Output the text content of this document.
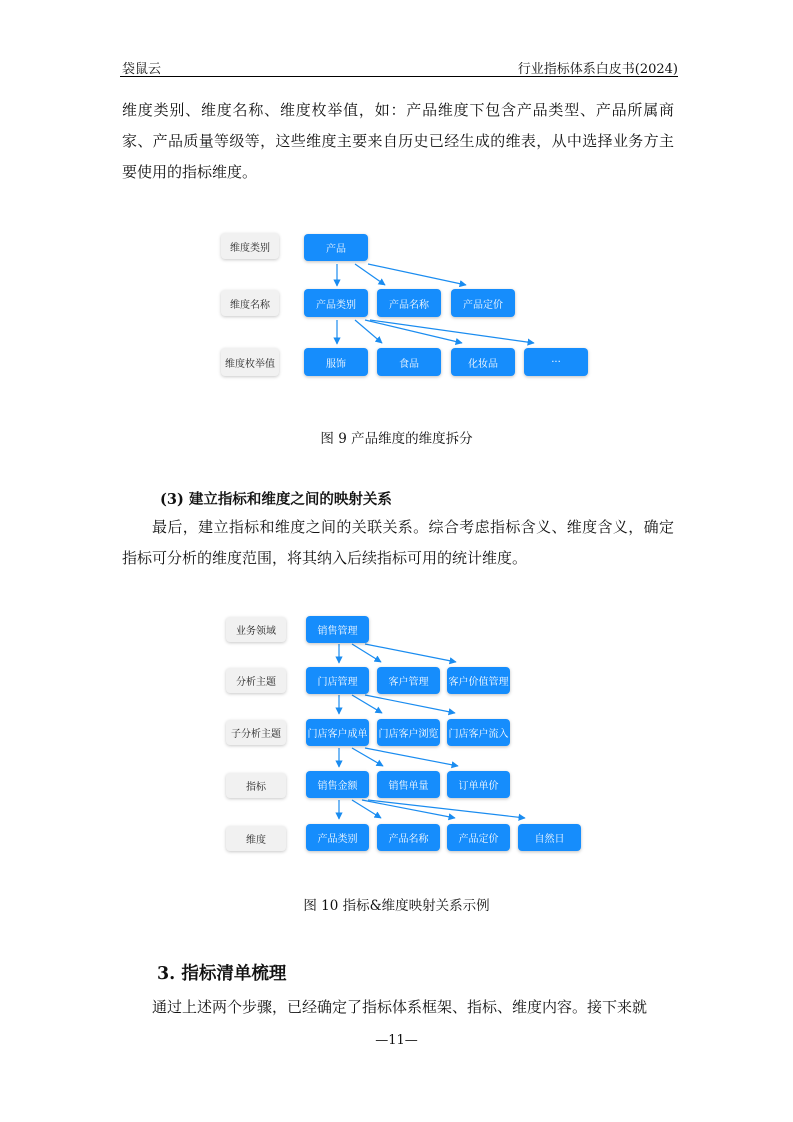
袋鼠云	行业指标体系白皮书(2024)

维度类别、维度名称、维度枚举值，如：产品维度下包含产品类型、产品所属商家、产品质量等级等，这些维度主要来自历史已经生成的维表，从中选择业务方主要使用的指标维度。

维度类别
维度名称
维度枚举值
产品
产品类别	产品名称	产品定价
服饰	食品	化妆品	···
图 9 产品维度的维度拆分
(3) 建立指标和维度之间的映射关系

最后，建立指标和维度之间的关联关系。综合考虑指标含义、维度含义，确定指标可分析的维度范围，将其纳入后续指标可用的统计维度。

业务领域
分析主题
子分析主题
指标
维度
销售管理
门店管理	客户管理	客户价值管理
门店客户成单 门店客户浏览 门店客户流入
销售金额	销售单量	订单单价
产品类别	产品名称	产品定价	自然日
图 10 指标&维度映射关系示例
3. 指标清单梳理

通过上述两个步骤，已经确定了指标体系框架、指标、维度内容。接下来就

—11—
